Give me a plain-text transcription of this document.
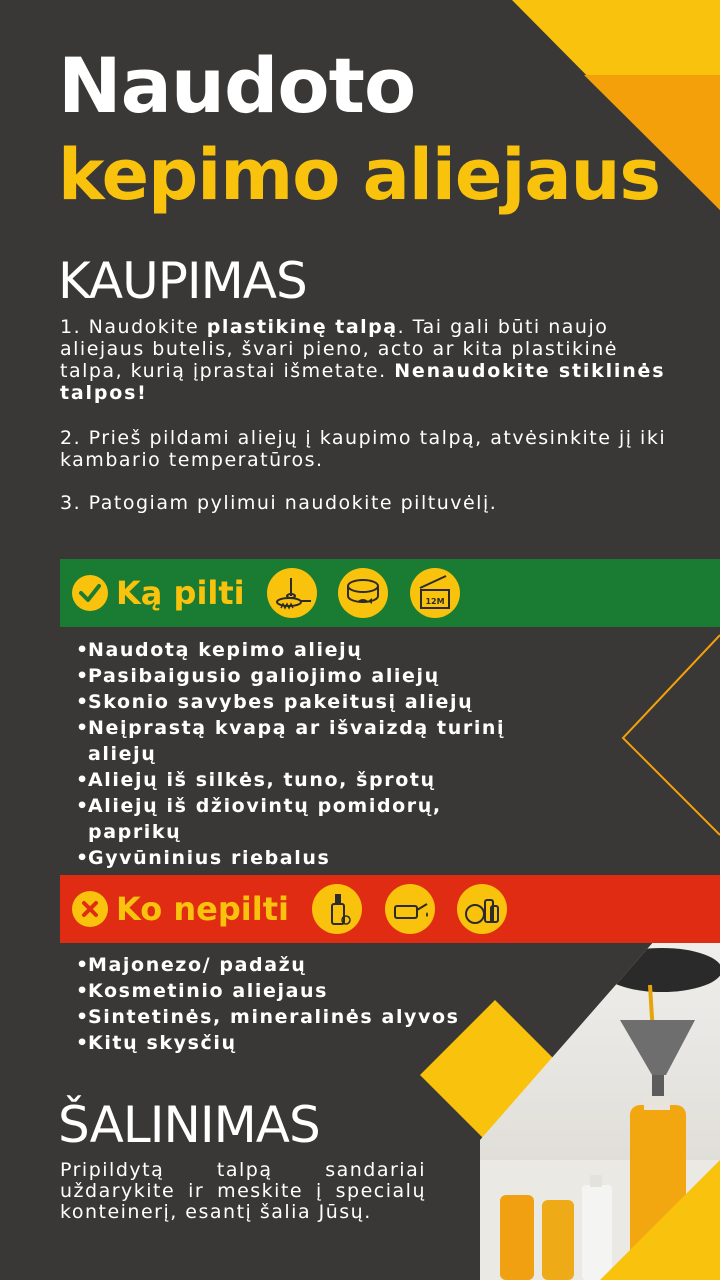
Naudoto
kepimo aliejaus
KAUPIMAS
1. Naudokite plastikinę talpą. Tai gali būti naujo aliejaus butelis, švari pieno, acto ar kita plastikinė talpa, kurią įprastai išmetate. Nenaudokite stiklinės talpos!
2. Prieš pildami aliejų į kaupimo talpą, atvėsinkite jį iki kambario temperatūros.
3. Patogiam pylimui naudokite piltuvėlį.
Ką pilti	12M
• Naudotą kepimo aliejų
• Pasibaigusio galiojimo aliejų
• Skonio savybes pakeitusį aliejų
• Neįprastą kvapą ar išvaizdą turinį aliejų
• Aliejų iš silkės, tuno, šprotų
• Aliejų iš džiovintų pomidorų, paprikų
• Gyvūninius riebalus
Ko nepilti
• Majonezo/ padažų
• Kosmetinio aliejaus
• Sintetinės, mineralinės alyvos
• Kitų skysčių
ŠALINIMAS
Pripildytą talpą sandariai uždarykite ir meskite į specialų konteinerį, esantį šalia Jūsų.
